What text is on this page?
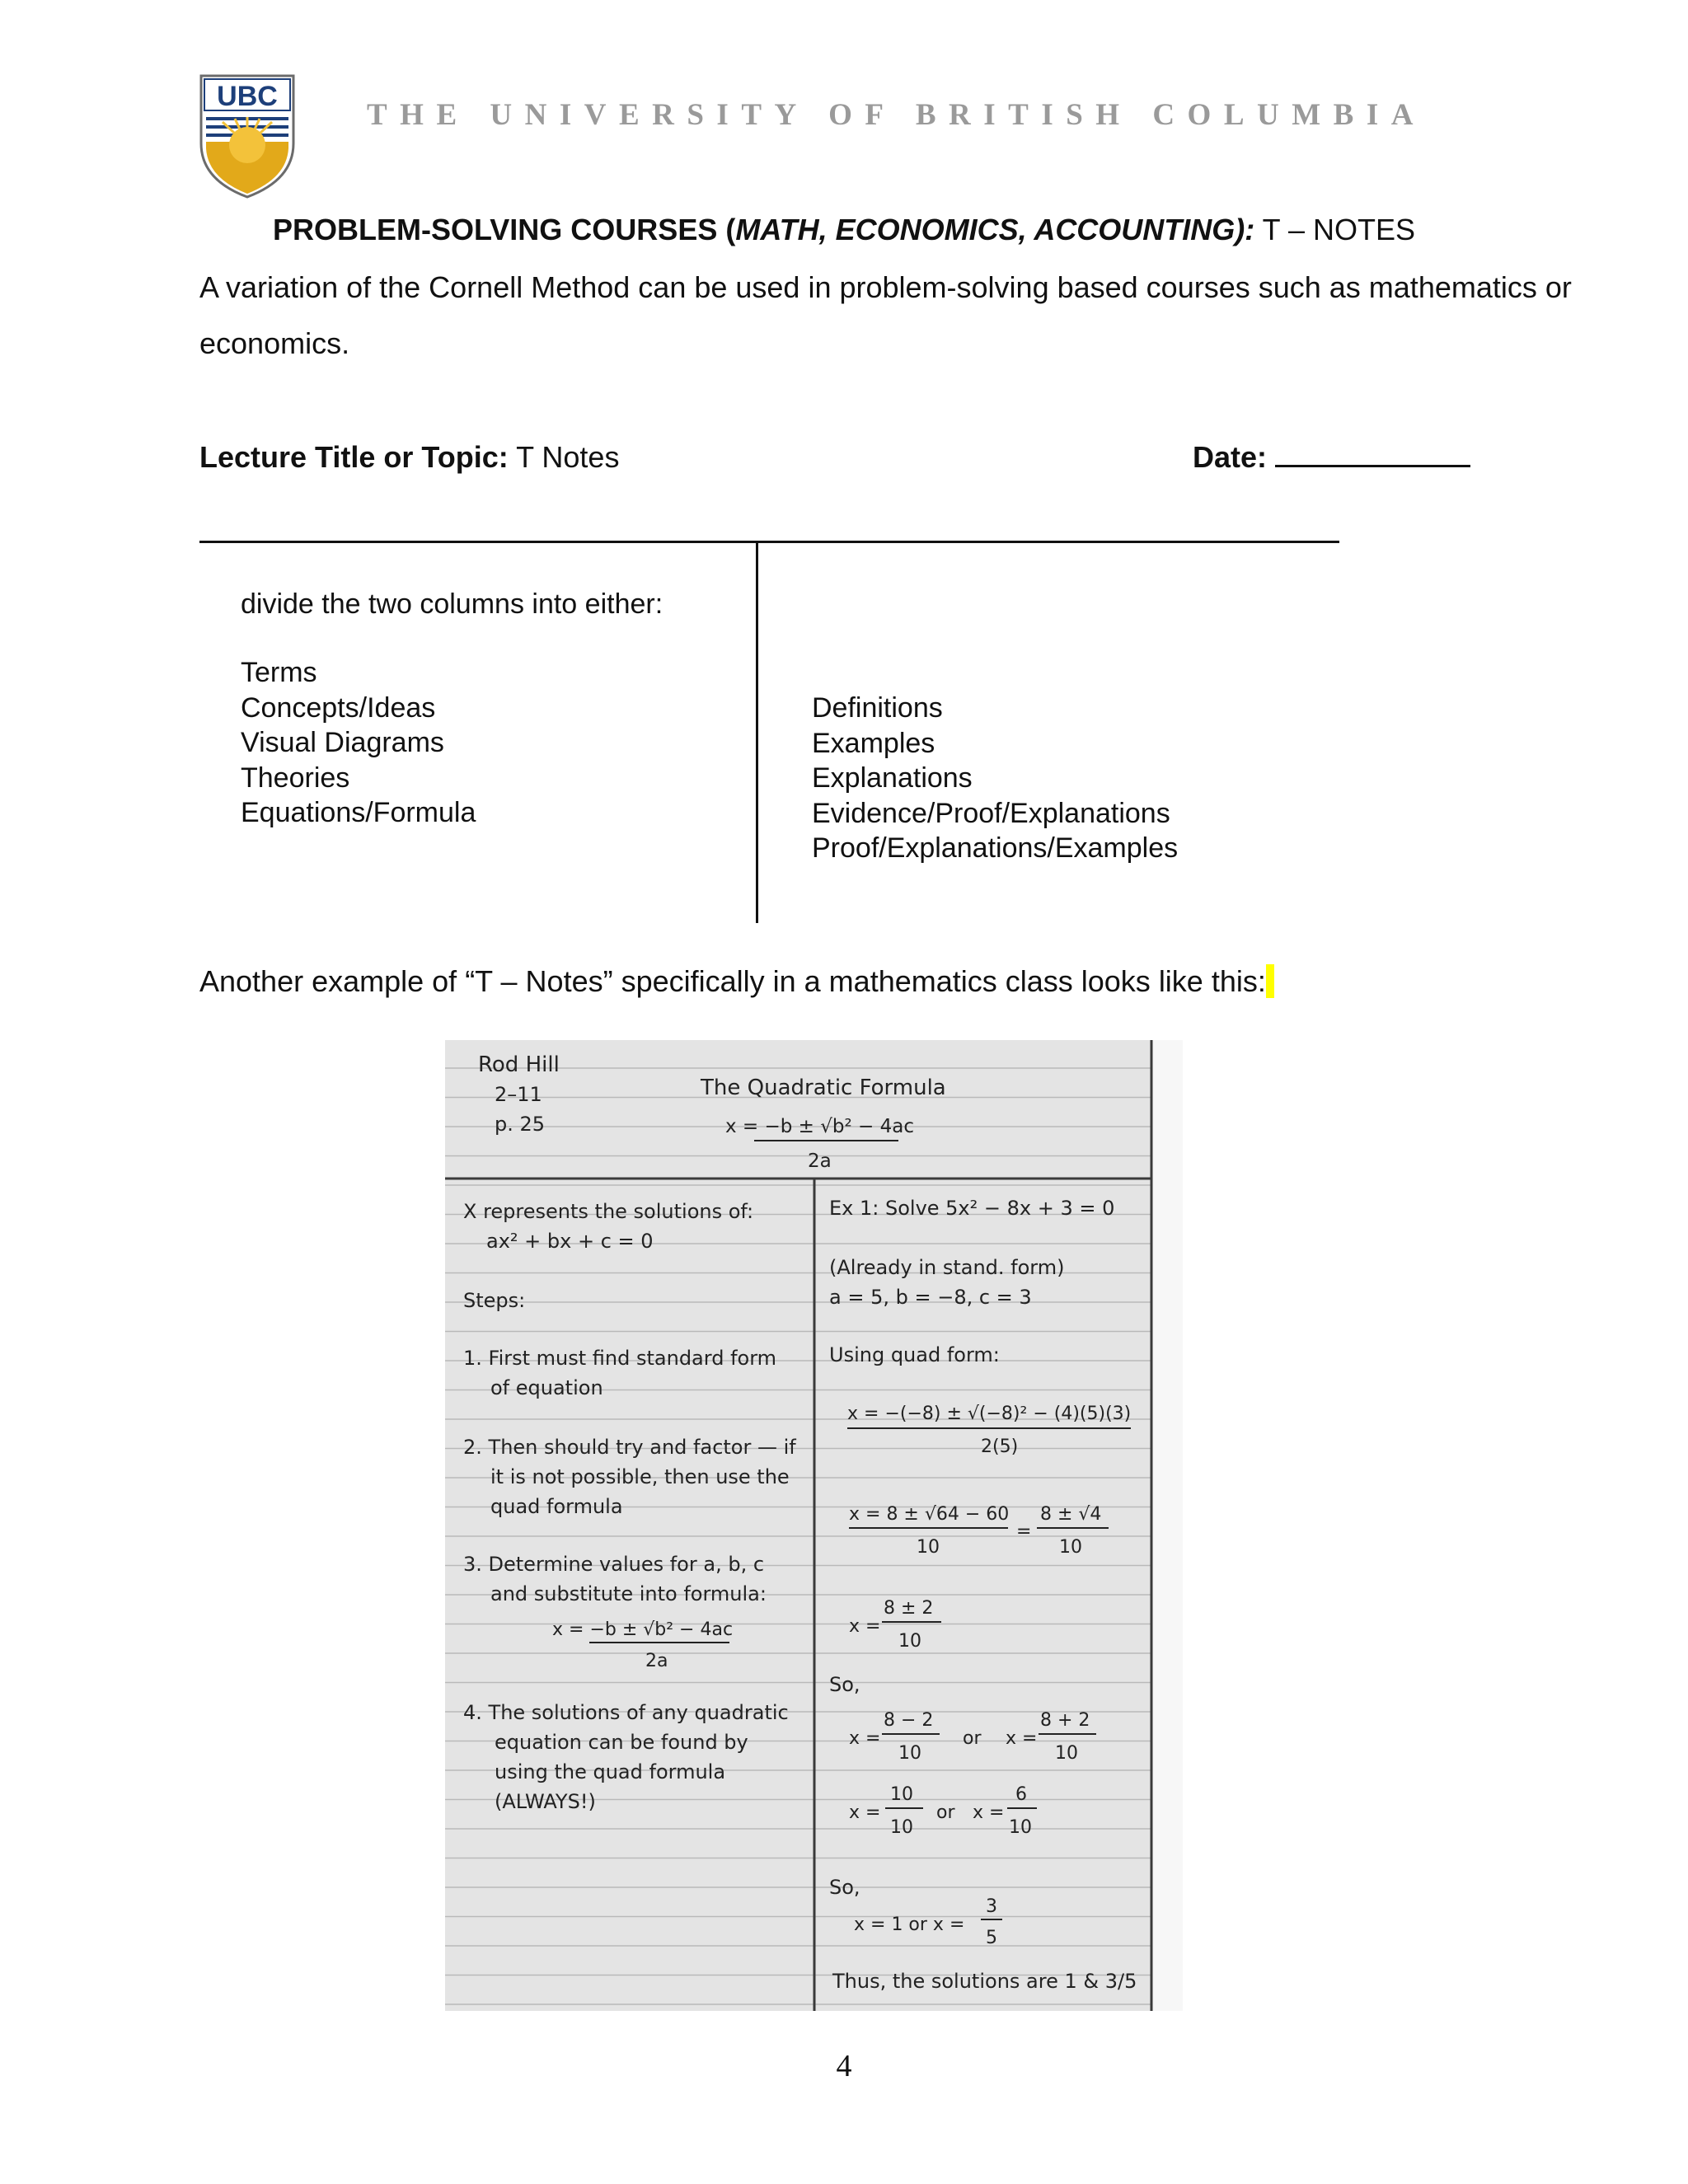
UBC
THE UNIVERSITY OF BRITISH COLUMBIA
PROBLEM-SOLVING COURSES (MATH, ECONOMICS, ACCOUNTING): T – NOTES
A variation of the Cornell Method can be used in problem-solving based courses such as mathematics or
economics.
Lecture Title or Topic: T Notes	Date:
divide the two columns into either:
Terms
Concepts/Ideas
Visual Diagrams
Theories
Equations/Formula
Definitions
Examples
Explanations
Evidence/Proof/Explanations
Proof/Explanations/Examples
Another example of “T – Notes” specifically in a mathematics class looks like this:
Rod Hill
2–11
p. 25
The Quadratic Formula
x = −b ± √b² − 4ac
2a
X represents the solutions of:
ax² + bx + c = 0
Steps:
1. First must find standard form
of equation
2. Then should try and factor — if
it is not possible, then use the
quad formula
3. Determine values for a, b, c
and substitute into formula:
x = −b ± √b² − 4ac
2a
4. The solutions of any quadratic
equation can be found by
using the quad formula
(ALWAYS!)
Ex 1: Solve 5x² − 8x + 3 = 0
(Already in stand. form)
a = 5, b = −8, c = 3
Using quad form:
x = −(−8) ± √(−8)² − (4)(5)(3)
2(5)
x = 8 ± √64 − 60
10
=
8 ± √4
10
x =
8 ± 2
10
So,
x =
8 − 2
10
or x =
8 + 2
10
x =
10
10
or x =
6
10
So,
x = 1 or x =
3
5
Thus, the solutions are 1 & 3/5
4
